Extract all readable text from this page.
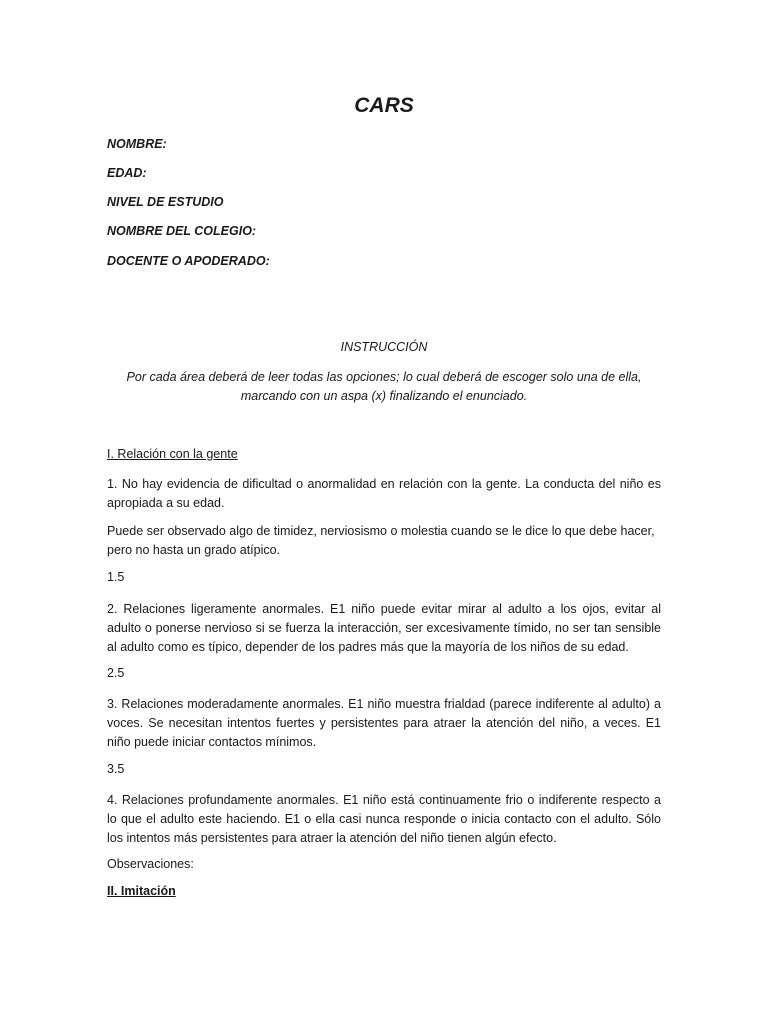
CARS

NOMBRE:

EDAD:

NIVEL DE ESTUDIO

NOMBRE DEL COLEGIO:

DOCENTE O APODERADO:

INSTRUCCIÓN

Por cada área deberá de leer todas las opciones; lo cual deberá de escoger solo una de ella, marcando con un aspa (x) finalizando el enunciado.

I. Relación con la gente

1. No hay evidencia de dificultad o anormalidad en relación con la gente. La conducta del niño es apropiada a su edad.

Puede ser observado algo de timidez, nerviosismo o molestia cuando se le dice lo que debe hacer, pero no hasta un grado atípico.

1.5

2. Relaciones ligeramente anormales. E1 niño puede evitar mirar al adulto a los ojos, evitar al adulto o ponerse nervioso si se fuerza la interacción, ser excesivamente tímido, no ser tan sensible al adulto como es típico, depender de los padres más que la mayoría de los niños de su edad.

2.5

3. Relaciones moderadamente anormales. E1 niño muestra frialdad (parece indiferente al adulto) a voces. Se necesitan intentos fuertes y persistentes para atraer la atención del niño, a veces. E1 niño puede iniciar contactos mínimos.

3.5

4. Relaciones profundamente anormales. E1 niño está continuamente frio o indiferente respecto a lo que el adulto este haciendo. E1 o ella casi nunca responde o inicia contacto con el adulto. Sólo los intentos más persistentes para atraer la atención del niño tienen algún efecto.

Observaciones:

II. Imitación
